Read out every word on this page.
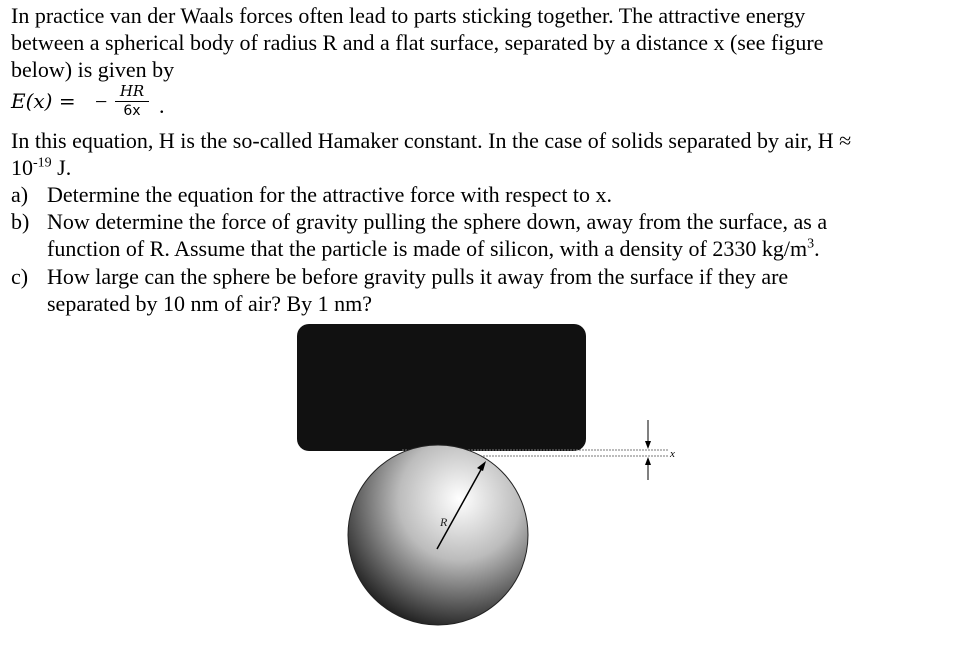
In practice van der Waals forces often lead to parts sticking together. The attractive energy
between a spherical body of radius R and a flat surface, separated by a distance x (see figure
below) is given by

E(x) = − HR
6x .

In this equation, H is the so-called Hamaker constant. In the case of solids separated by air, H ≈
$10^{-19}$ J.

a) Determine the equation for the attractive force with respect to x.
b) Now determine the force of gravity pulling the sphere down, away from the surface, as a
function of R. Assume that the particle is made of silicon, with a density of 2330 $kg/m^3$.
c) How large can the sphere be before gravity pulls it away from the surface if they are
separated by 10 nm of air? By 1 nm?
R
x
